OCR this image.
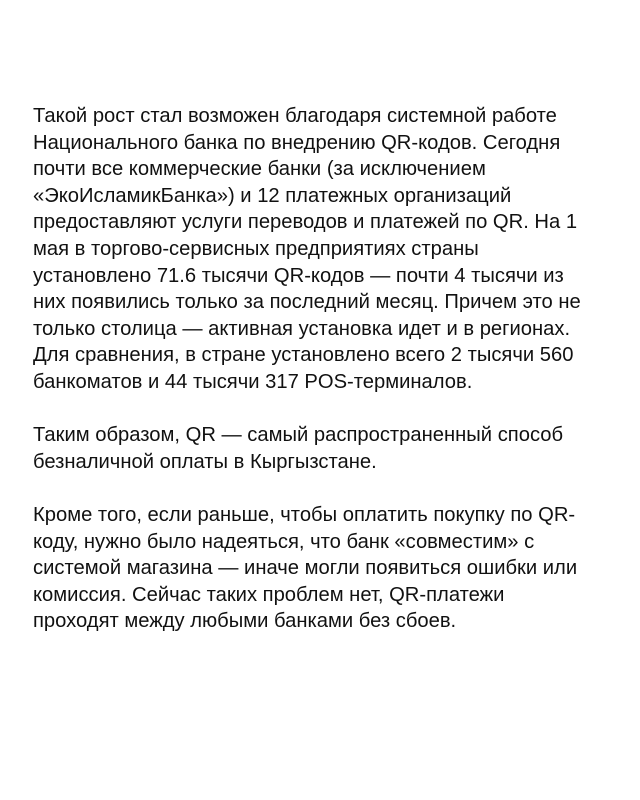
Такой рост стал возможен благодаря системной работе
Национального банка по внедрению QR-кодов. Сегодня
почти все коммерческие банки (за исключением
«ЭкоИсламикБанка») и 12 платежных организаций
предоставляют услуги переводов и платежей по QR. На 1
мая в торгово-сервисных предприятиях страны
установлено 71.6 тысячи QR-кодов — почти 4 тысячи из
них появились только за последний месяц. Причем это не
только столица — активная установка идет и в регионах.
Для сравнения, в стране установлено всего 2 тысячи 560
банкоматов и 44 тысячи 317 POS-терминалов.

Таким образом, QR — самый распространенный способ
безналичной оплаты в Кыргызстане.

Кроме того, если раньше, чтобы оплатить покупку по QR-
коду, нужно было надеяться, что банк «совместим» с
системой магазина — иначе могли появиться ошибки или
комиссия. Сейчас таких проблем нет, QR-платежи
проходят между любыми банками без сбоев.
